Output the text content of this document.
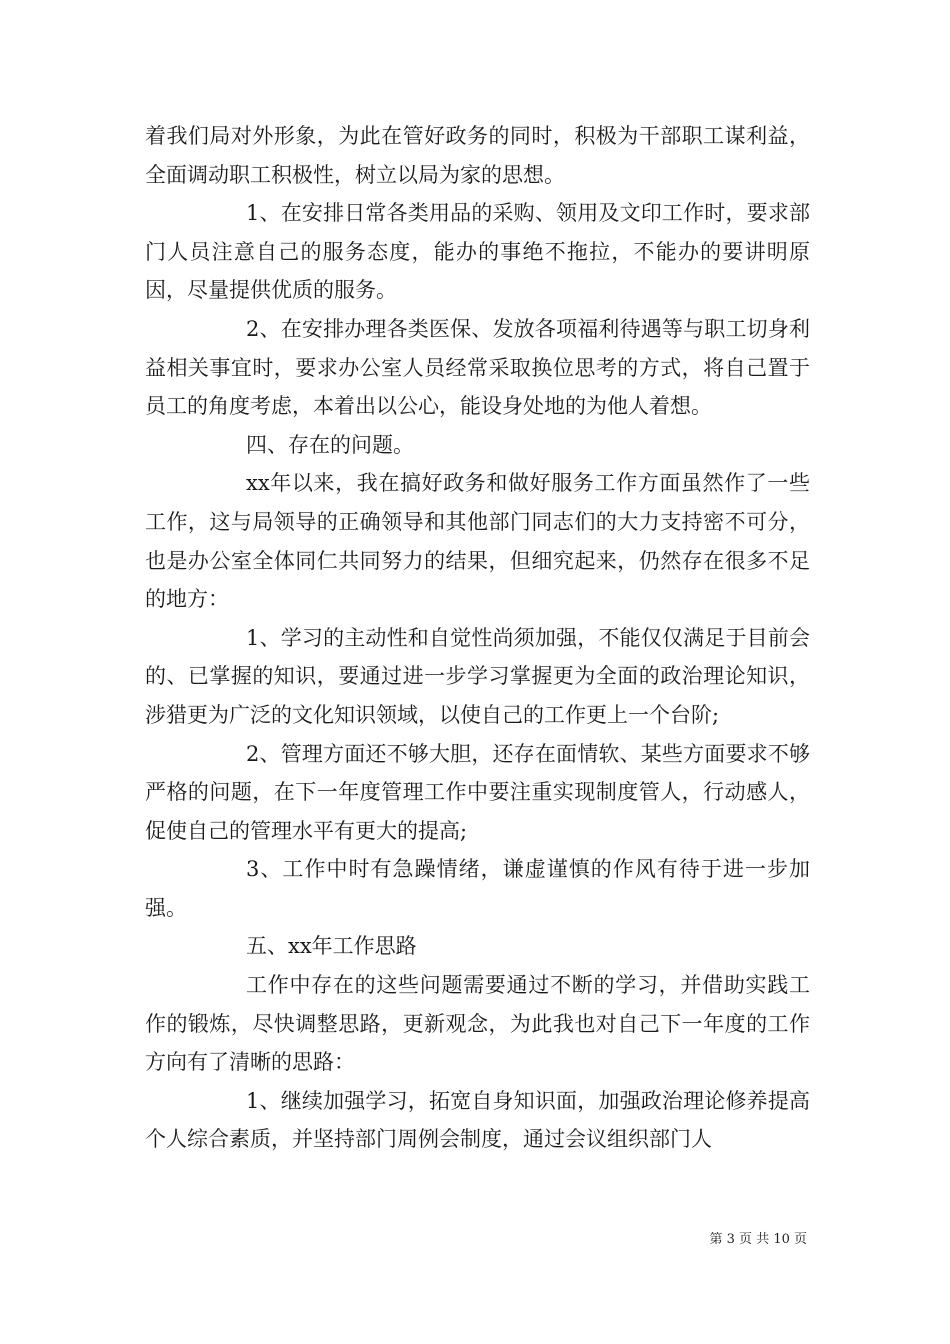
着我们局对外形象，为此在管好政务的同时，积极为干部职工谋利益，全面调动职工积极性，树立以局为家的思想。

1、在安排日常各类用品的采购、领用及文印工作时，要求部门人员注意自己的服务态度，能办的事绝不拖拉，不能办的要讲明原因，尽量提供优质的服务。

2、在安排办理各类医保、发放各项福利待遇等与职工切身利益相关事宜时，要求办公室人员经常采取换位思考的方式，将自己置于员工的角度考虑，本着出以公心，能设身处地的为他人着想。

四、存在的问题。

xx年以来，我在搞好政务和做好服务工作方面虽然作了一些工作，这与局领导的正确领导和其他部门同志们的大力支持密不可分，也是办公室全体同仁共同努力的结果，但细究起来，仍然存在很多不足的地方：

1、学习的主动性和自觉性尚须加强，不能仅仅满足于目前会的、已掌握的知识，要通过进一步学习掌握更为全面的政治理论知识，涉猎更为广泛的文化知识领域，以使自己的工作更上一个台阶;

2、管理方面还不够大胆，还存在面情软、某些方面要求不够严格的问题，在下一年度管理工作中要注重实现制度管人，行动感人，促使自己的管理水平有更大的提高;

3、工作中时有急躁情绪，谦虚谨慎的作风有待于进一步加强。

五、xx年工作思路

工作中存在的这些问题需要通过不断的学习，并借助实践工作的锻炼，尽快调整思路，更新观念，为此我也对自己下一年度的工作方向有了清晰的思路：

1、继续加强学习，拓宽自身知识面，加强政治理论修养提高个人综合素质，并坚持部门周例会制度，通过会议组织部门人

第 3 页 共 10 页
